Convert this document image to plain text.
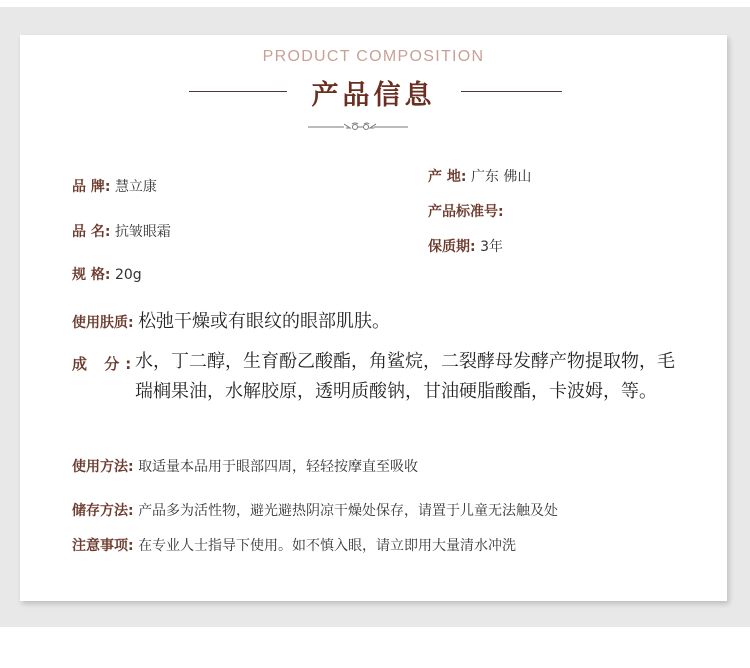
PRODUCT COMPOSITION
产品信息
品 牌: 慧立康
品 名: 抗皱眼霜
规 格: 20g
产 地: 广东 佛山
产品标准号:
保质期: 3年
使用肤质: 松弛干燥或有眼纹的眼部肌肤。
成 分:
水，丁二醇，生育酚乙酸酯，角鲨烷，二裂酵母发酵产物提取物，毛瑞榈果油，水解胶原，透明质酸钠，甘油硬脂酸酯，卡波姆，等。
使用方法: 取适量本品用于眼部四周，轻轻按摩直至吸收
储存方法: 产品多为活性物，避光避热阴凉干燥处保存，请置于儿童无法触及处
注意事项: 在专业人士指导下使用。如不慎入眼，请立即用大量清水冲洗
